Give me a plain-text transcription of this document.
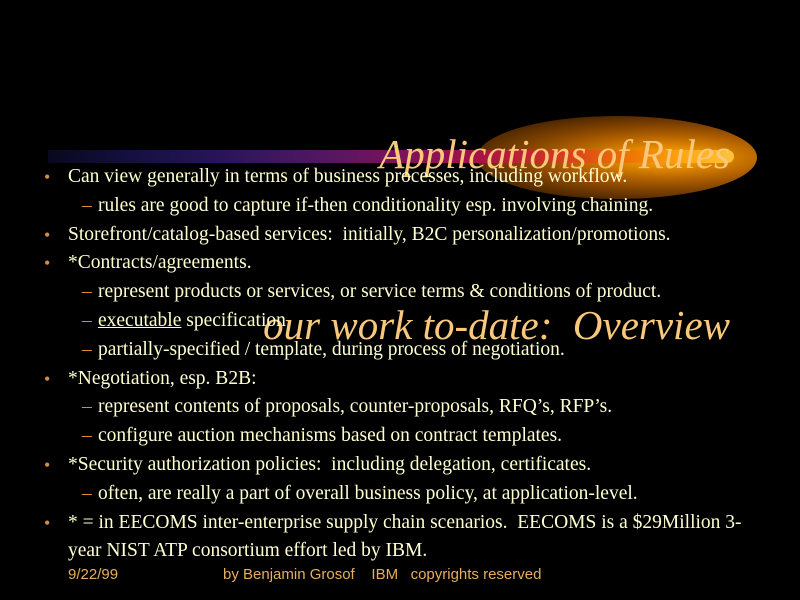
Applications of Rules

our work to-date:  Overview

• Can view generally in terms of business processes, including workflow.
– rules are good to capture if-then conditionality esp. involving chaining.
• Storefront/catalog-based services:  initially, B2C personalization/promotions.
• *Contracts/agreements.
– represent products or services, or service terms & conditions of product.
– executable specification
– partially-specified / template, during process of negotiation.
• *Negotiation, esp. B2B:
– represent contents of proposals, counter-proposals, RFQ’s, RFP’s.
– configure auction mechanisms based on contract templates.
• *Security authorization policies:  including delegation, certificates.
– often, are really a part of overall business policy, at application-level.
• * = in EECOMS inter-enterprise supply chain scenarios.  EECOMS is a $29Million 3-year NIST ATP consortium effort led by IBM.
9/22/99	by Benjamin Grosof    IBM   copyrights reserved
